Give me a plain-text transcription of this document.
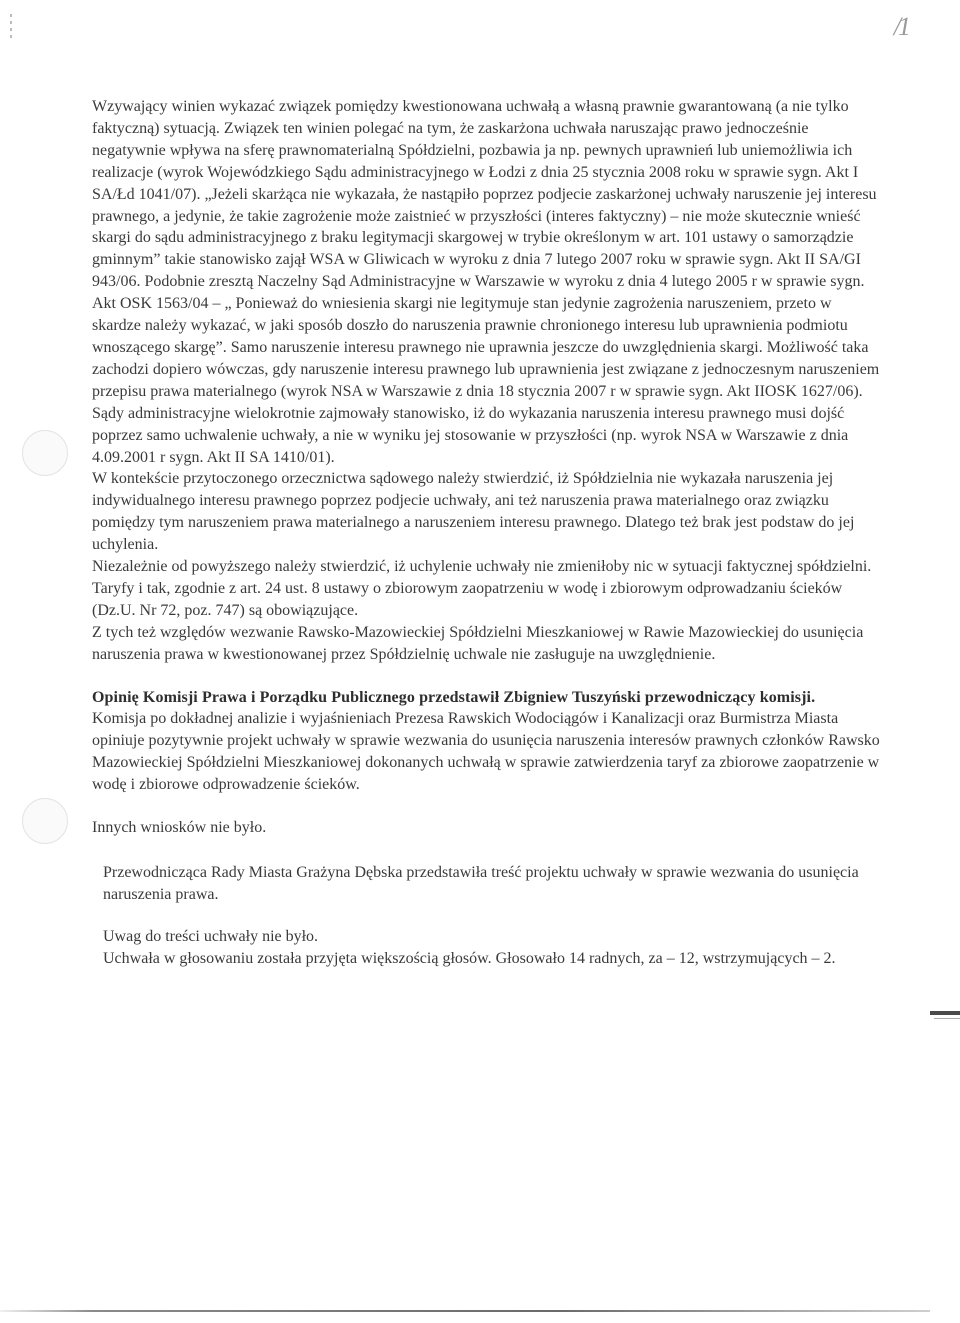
/1

Wzywający winien wykazać związek pomiędzy kwestionowana uchwałą a własną prawnie gwarantowaną (a nie tylko faktyczną) sytuacją. Związek ten winien polegać na tym, że zaskarżona uchwała naruszając prawo jednocześnie negatywnie wpływa na sferę prawnomaterialną Spółdzielni, pozbawia ja np. pewnych uprawnień lub uniemożliwia ich realizacje (wyrok Wojewódzkiego Sądu administracyjnego w Łodzi z dnia 25 stycznia 2008 roku w sprawie sygn. Akt I SA/Łd 1041/07). „Jeżeli skarżąca nie wykazała, że nastąpiło poprzez podjecie zaskarżonej uchwały naruszenie jej interesu prawnego, a jedynie, że takie zagrożenie może zaistnieć w przyszłości (interes faktyczny) – nie może skutecznie wnieść skargi do sądu administracyjnego z braku legitymacji skargowej w trybie określonym w art. 101 ustawy o samorządzie gminnym” takie stanowisko zajął WSA w Gliwicach w wyroku z dnia 7 lutego 2007 roku w sprawie sygn. Akt II SA/GI 943/06. Podobnie zresztą Naczelny Sąd Administracyjne w Warszawie w wyroku z dnia 4 lutego 2005 r w sprawie sygn. Akt OSK 1563/04 – „ Ponieważ do wniesienia skargi nie legitymuje stan jedynie zagrożenia naruszeniem, przeto w skardze należy wykazać, w jaki sposób doszło do naruszenia prawnie chronionego interesu lub uprawnienia podmiotu wnoszącego skargę”. Samo naruszenie interesu prawnego nie uprawnia jeszcze do uwzględnienia skargi. Możliwość taka zachodzi dopiero wówczas, gdy naruszenie interesu prawnego lub uprawnienia jest związane z jednoczesnym naruszeniem przepisu prawa materialnego (wyrok NSA w Warszawie z dnia 18 stycznia 2007 r w sprawie sygn. Akt IIOSK 1627/06). Sądy administracyjne wielokrotnie zajmowały stanowisko, iż do wykazania naruszenia interesu prawnego musi dojść poprzez samo uchwalenie uchwały, a nie w wyniku jej stosowanie w przyszłości (np. wyrok NSA w Warszawie z dnia 4.09.2001 r sygn. Akt II SA 1410/01).

W kontekście przytoczonego orzecznictwa sądowego należy stwierdzić, iż Spółdzielnia nie wykazała naruszenia jej indywidualnego interesu prawnego poprzez podjecie uchwały, ani też naruszenia prawa materialnego oraz związku pomiędzy tym naruszeniem prawa materialnego a naruszeniem interesu prawnego. Dlatego też brak jest podstaw do jej uchylenia.

Niezależnie od powyższego należy stwierdzić, iż uchylenie uchwały nie zmieniłoby nic w sytuacji faktycznej spółdzielni. Taryfy i tak, zgodnie z art. 24 ust. 8 ustawy o zbiorowym zaopatrzeniu w wodę i zbiorowym odprowadzaniu ścieków (Dz.U. Nr 72, poz. 747) są obowiązujące.

Z tych też względów wezwanie Rawsko-Mazowieckiej Spółdzielni Mieszkaniowej w Rawie Mazowieckiej do usunięcia naruszenia prawa w kwestionowanej przez Spółdzielnię uchwale nie zasługuje na uwzględnienie.

Opinię Komisji Prawa i Porządku Publicznego przedstawił Zbigniew Tuszyński przewodniczący komisji.

Komisja po dokładnej analizie i wyjaśnieniach Prezesa Rawskich Wodociągów i Kanalizacji oraz Burmistrza Miasta opiniuje pozytywnie projekt uchwały w sprawie wezwania do usunięcia naruszenia interesów prawnych członków Rawsko Mazowieckiej Spółdzielni Mieszkaniowej dokonanych uchwałą w sprawie zatwierdzenia taryf za zbiorowe zaopatrzenie w wodę i zbiorowe odprowadzenie ścieków.

Innych wniosków nie było.

Przewodnicząca Rady Miasta Grażyna Dębska przedstawiła treść projektu uchwały w sprawie wezwania do usunięcia naruszenia prawa.

Uwag do treści uchwały nie było.

Uchwała w głosowaniu została przyjęta większością głosów. Głosowało 14 radnych, za – 12, wstrzymujących – 2.
